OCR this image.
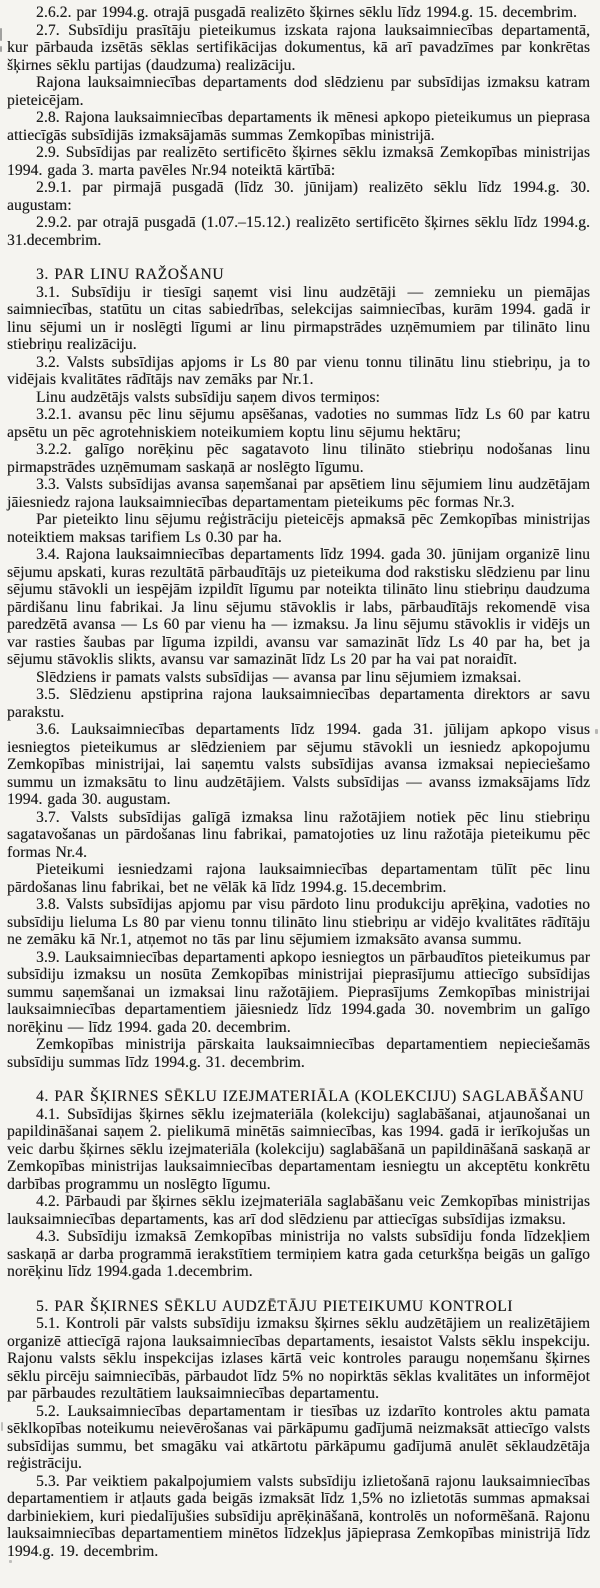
2.6.2. par 1994.g. otrajā pusgadā realizēto šķirnes sēklu līdz 1994.g. 15. decembrim.

2.7. Subsīdiju prasītāju pieteikumus izskata rajona lauksaimniecības departamentā, kur pārbauda izsētās sēklas sertifikācijas dokumentus, kā arī pavadzīmes par konkrētas šķirnes sēklu partijas (daudzuma) realizāciju.

Rajona lauksaimniecības departaments dod slēdzienu par subsīdijas izmaksu katram pieteicējam.

2.8. Rajona lauksaimniecības departaments ik mēnesi apkopo pieteikumus un pieprasa attiecīgās subsīdijās izmaksājamās summas Zemkopības ministrijā.

2.9. Subsīdijas par realizēto sertificēto šķirnes sēklu izmaksā Zemkopības ministrijas 1994. gada 3. marta pavēles Nr.94 noteiktā kārtībā:

2.9.1. par pirmajā pusgadā (līdz 30. jūnijam) realizēto sēklu līdz 1994.g. 30. augustam:

2.9.2. par otrajā pusgadā (1.07.–15.12.) realizēto sertificēto šķirnes sēklu līdz 1994.g. 31.decembrim.

3. PAR LINU RAŽOŠANU

3.1. Subsīdiju ir tiesīgi saņemt visi linu audzētāji — zemnieku un piemājas saimniecības, statūtu un citas sabiedrības, selekcijas saimniecības, kurām 1994. gadā ir linu sējumi un ir noslēgti līgumi ar linu pirmapstrādes uzņēmumiem par tilināto linu stiebriņu realizāciju.

3.2. Valsts subsīdijas apjoms ir Ls 80 par vienu tonnu tilinātu linu stiebriņu, ja to vidējais kvalitātes rādītājs nav zemāks par Nr.1.

Linu audzētājs valsts subsīdiju saņem divos termiņos:

3.2.1. avansu pēc linu sējumu apsēšanas, vadoties no summas līdz Ls 60 par katru apsētu un pēc agrotehniskiem noteikumiem koptu linu sējumu hektāru;

3.2.2. galīgo norēķinu pēc sagatavoto linu tilināto stiebriņu nodošanas linu pirmapstrādes uzņēmumam saskaņā ar noslēgto līgumu.

3.3. Valsts subsīdijas avansa saņemšanai par apsētiem linu sējumiem linu audzētājam jāiesniedz rajona lauksaimniecības departamentam pieteikums pēc formas Nr.3.

Par pieteikto linu sējumu reģistrāciju pieteicējs apmaksā pēc Zemkopības ministrijas noteiktiem maksas tarifiem Ls 0.30 par ha.

3.4. Rajona lauksaimniecības departaments līdz 1994. gada 30. jūnijam organizē linu sējumu apskati, kuras rezultātā pārbaudītājs uz pieteikuma dod rakstisku slēdzienu par linu sējumu stāvokli un iespējām izpildīt līgumu par noteikta tilināto linu stiebriņu daudzuma pārdišanu linu fabrikai. Ja linu sējumu stāvoklis ir labs, pārbaudītājs rekomendē visa paredzētā avansa — Ls 60 par vienu ha — izmaksu. Ja linu sējumu stāvoklis ir vidējs un var rasties šaubas par līguma izpildi, avansu var samazināt līdz Ls 40 par ha, bet ja sējumu stāvoklis slikts, avansu var samazināt līdz Ls 20 par ha vai pat noraidīt.

Slēdziens ir pamats valsts subsīdijas — avansa par linu sējumiem izmaksai.

3.5. Slēdzienu apstiprina rajona lauksaimniecības departamenta direktors ar savu parakstu.

3.6. Lauksaimniecības departaments līdz 1994. gada 31. jūlijam apkopo visus iesniegtos pieteikumus ar slēdzieniem par sējumu stāvokli un iesniedz apkopojumu Zemkopības ministrijai, lai saņemtu valsts subsīdijas avansa izmaksai nepieciešamo summu un izmaksātu to linu audzētājiem. Valsts subsīdijas — avanss izmaksājams līdz 1994. gada 30. augustam.

3.7. Valsts subsīdijas galīgā izmaksa linu ražotājiem notiek pēc linu stiebriņu sagatavošanas un pārdošanas linu fabrikai, pamatojoties uz linu ražotāja pieteikumu pēc formas Nr.4.

Pieteikumi iesniedzami rajona lauksaimniecības departamentam tūlīt pēc linu pārdošanas linu fabrikai, bet ne vēlāk kā līdz 1994.g. 15.decembrim.

3.8. Valsts subsīdijas apjomu par visu pārdoto linu produkciju aprēķina, vadoties no subsīdiju lieluma Ls 80 par vienu tonnu tilināto linu stiebriņu ar vidējo kvalitātes rādītāju ne zemāku kā Nr.1, atņemot no tās par linu sējumiem izmaksāto avansa summu.

3.9. Lauksaimniecības departamenti apkopo iesniegtos un pārbaudītos pieteikumus par subsīdiju izmaksu un nosūta Zemkopības ministrijai pieprasījumu attiecīgo subsīdijas summu saņemšanai un izmaksai linu ražotājiem. Pieprasījums Zemkopības ministrijai lauksaimniecības departamentiem jāiesniedz līdz 1994.gada 30. novembrim un galīgo norēķinu — līdz 1994. gada 20. decembrim.

Zemkopības ministrija pārskaita lauksaimniecības departamentiem nepieciešamās subsīdiju summas līdz 1994.g. 31. decembrim.

4. PAR ŠĶIRNES SĒKLU IZEJMATERIĀLA (KOLEKCIJU) SAGLABĀŠANU

4.1. Subsīdijas šķirnes sēklu izejmateriāla (kolekciju) saglabāšanai, atjaunošanai un papildināšanai saņem 2. pielikumā minētās saimniecības, kas 1994. gadā ir ierīkojušas un veic darbu šķirnes sēklu izejmateriāla (kolekciju) saglabāšanā un papildināšanā saskaņā ar Zemkopības ministrijas lauksaimniecības departamentam iesniegtu un akceptētu konkrētu darbības programmu un noslēgto līgumu.

4.2. Pārbaudi par šķirnes sēklu izejmateriāla saglabāšanu veic Zemkopības ministrijas lauksaimniecības departaments, kas arī dod slēdzienu par attiecīgas subsīdijas izmaksu.

4.3. Subsīdiju izmaksā Zemkopības ministrija no valsts subsīdiju fonda līdzekļiem saskaņā ar darba programmā ierakstītiem termiņiem katra gada ceturkšņa beigās un galīgo norēķinu līdz 1994.gada 1.decembrim.

5. PAR ŠĶIRNES SĒKLU AUDZĒTĀJU PIETEIKUMU KONTROLI

5.1. Kontroli pār valsts subsīdiju izmaksu šķirnes sēklu audzētājiem un realizētājiem organizē attiecīgā rajona lauksaimniecības departaments, iesaistot Valsts sēklu inspekciju. Rajonu valsts sēklu inspekcijas izlases kārtā veic kontroles paraugu noņemšanu šķirnes sēklu pircēju saimniecībās, pārbaudot līdz 5% no nopirktās sēklas kvalitātes un informējot par pārbaudes rezultātiem lauksaimniecības departamentu.

5.2. Lauksaimniecības departamentam ir tiesības uz izdarīto kontroles aktu pamata sēklkopības noteikumu neievērošanas vai pārkāpumu gadījumā neizmaksāt attiecīgo valsts subsīdijas summu, bet smagāku vai atkārtotu pārkāpumu gadījumā anulēt sēklaudzētāja reģistrāciju.

5.3. Par veiktiem pakalpojumiem valsts subsīdiju izlietošanā rajonu lauksaimniecības departamentiem ir atļauts gada beigās izmaksāt līdz 1,5% no izlietotās summas apmaksai darbiniekiem, kuri piedalījušies subsīdiju aprēķināšanā, kontrolēs un noformēšanā. Rajonu lauksaimniecības departamentiem minētos līdzekļus jāpieprasa Zemkopības ministrijā līdz 1994.g. 19. decembrim.
